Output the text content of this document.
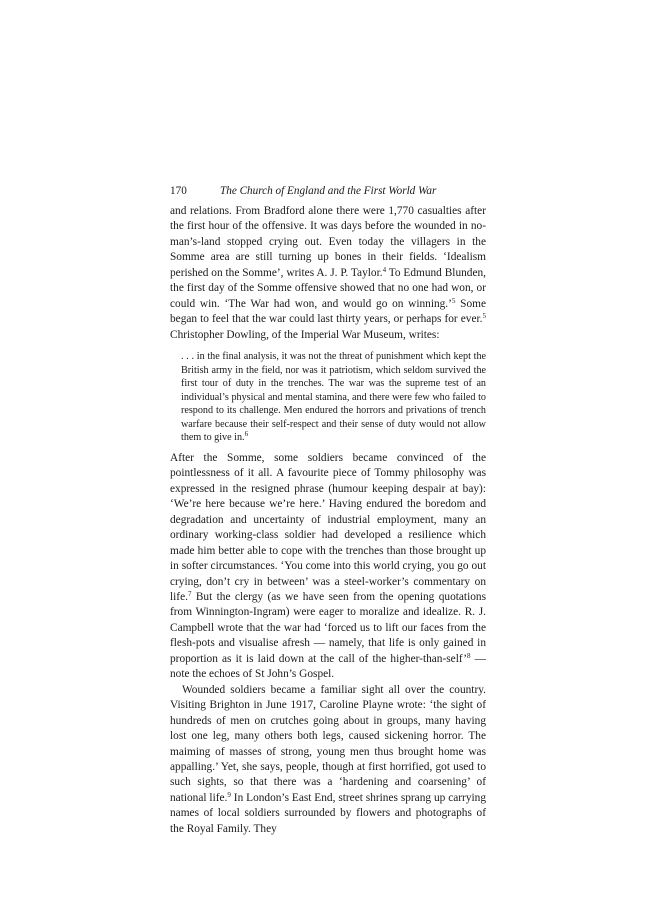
170	The Church of England and the First World War

and relations. From Bradford alone there were 1,770 casualties after the first hour of the offensive. It was days before the wounded in no-man’s-land stopped crying out. Even today the villagers in the Somme area are still turning up bones in their fields. ‘Idealism perished on the Somme’, writes A. J. P. Taylor.$^4$ To Edmund Blunden, the first day of the Somme offensive showed that no one had won, or could win. ‘The War had won, and would go on winning.’$^5$ Some began to feel that the war could last thirty years, or perhaps for ever.$^5$ Christopher Dowling, of the Imperial War Museum, writes:

. . . in the final analysis, it was not the threat of punishment which kept the British army in the field, nor was it patriotism, which seldom survived the first tour of duty in the trenches. The war was the supreme test of an individual’s physical and mental stamina, and there were few who failed to respond to its challenge. Men endured the horrors and privations of trench warfare because their self-respect and their sense of duty would not allow them to give in.$^6$

After the Somme, some soldiers became convinced of the pointlessness of it all. A favourite piece of Tommy philosophy was expressed in the resigned phrase (humour keeping despair at bay): ‘We’re here because we’re here.’ Having endured the boredom and degradation and uncertainty of industrial employment, many an ordinary working-class soldier had developed a resilience which made him better able to cope with the trenches than those brought up in softer circumstances. ‘You come into this world crying, you go out crying, don’t cry in between’ was a steel-worker’s commentary on life.$^7$ But the clergy (as we have seen from the opening quotations from Winnington-Ingram) were eager to moralize and idealize. R. J. Campbell wrote that the war had ‘forced us to lift our faces from the flesh-pots and visualise afresh — namely, that life is only gained in proportion as it is laid down at the call of the higher-than-self’$^8$ — note the echoes of St John’s Gospel.

Wounded soldiers became a familiar sight all over the country. Visiting Brighton in June 1917, Caroline Playne wrote: ‘the sight of hundreds of men on crutches going about in groups, many having lost one leg, many others both legs, caused sickening horror. The maiming of masses of strong, young men thus brought home was appalling.’ Yet, she says, people, though at first horrified, got used to such sights, so that there was a ‘hardening and coarsening’ of national life.$^9$ In London’s East End, street shrines sprang up carrying names of local soldiers surrounded by flowers and photographs of the Royal Family. They
